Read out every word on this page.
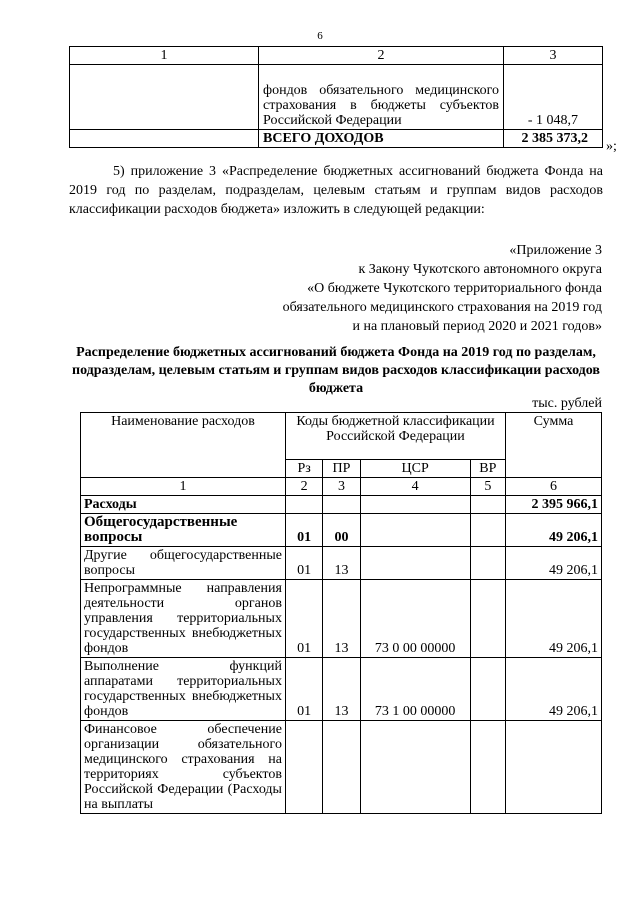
6
1	2	3

	фондов обязательного медицинского страхования в бюджеты субъектов Российской Федерации	- 1 048,7
	ВСЕГО ДОХОДОВ	2 385 373,2
»;
5) приложение 3 «Распределение бюджетных ассигнований бюджета Фонда на 2019 год по разделам, подразделам, целевым статьям и группам видов расходов классификации расходов бюджета» изложить в следующей редакции:
«Приложение 3
к Закону Чукотского автономного округа
«О бюджете Чукотского территориального фонда
обязательного медицинского страхования на 2019 год
и на плановый период 2020 и 2021 годов»
Распределение бюджетных ассигнований бюджета Фонда на 2019 год по разделам, подразделам, целевым статьям и группам видов расходов классификации расходов бюджета
тыс. рублей
Наименование расходов	Коды бюджетной классификации Российской Федерации				Сумма
	Рз	ПР	ЦСР	ВР	
1	2	3	4	5	6
Расходы					2 395 966,1
Общегосударственные вопросы	01	00			49 206,1

Другие общегосударственные вопросы	01	13			49 206,1

Непрограммные направления деятельности органов управления территориальных государственных внебюджетных фондов	01	13	73 0 00 00000		49 206,1

Выполнение функций аппаратами территориальных государственных внебюджетных фондов	01	13	73 1 00 00000		49 206,1

Финансовое обеспечение организации обязательного медицинского страхования на территориях субъектов Российской Федерации (Расходы на выплаты					
